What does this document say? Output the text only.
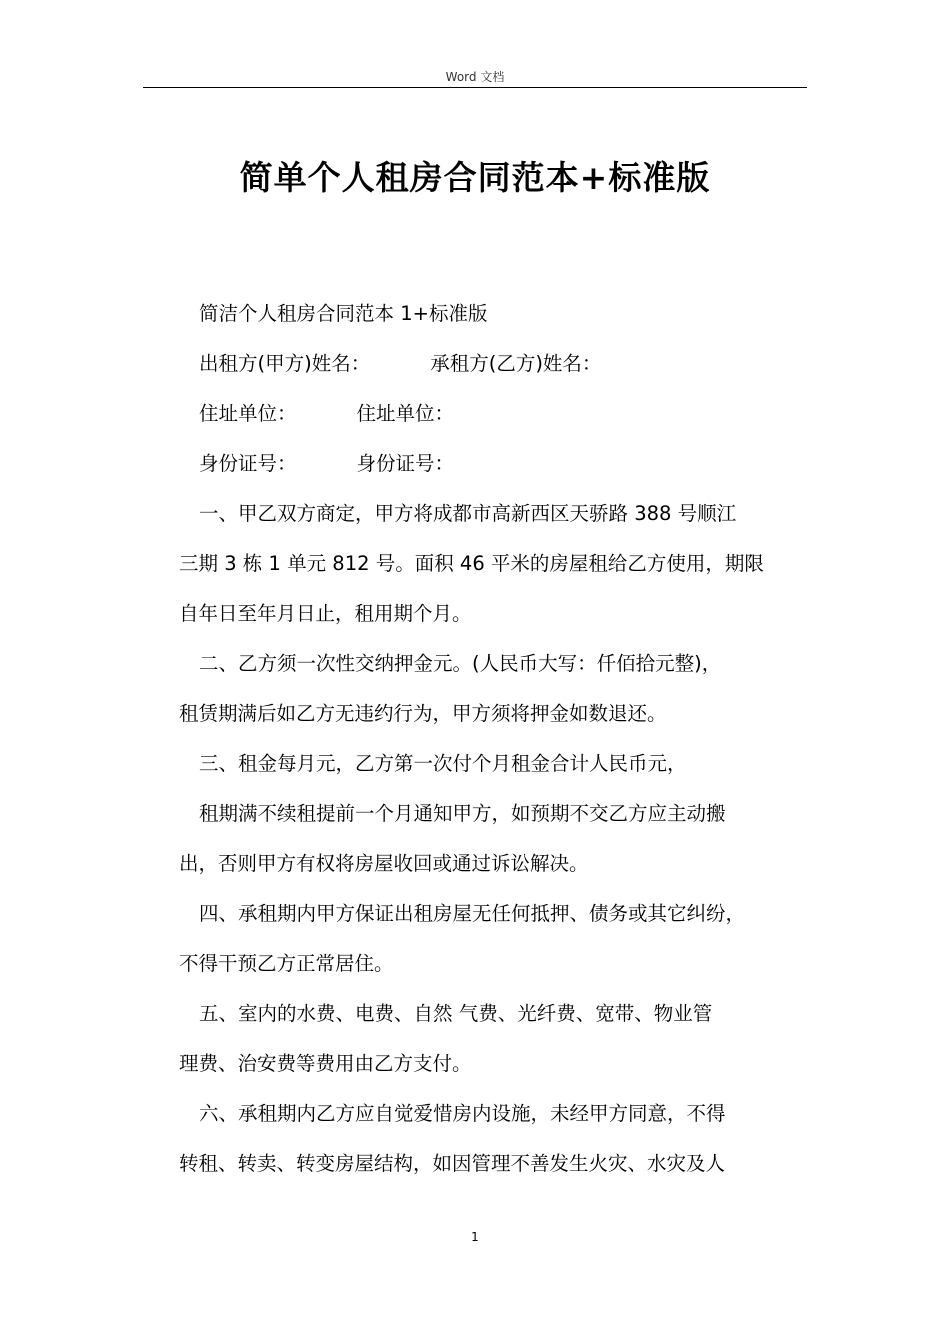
Word 文档
简单个人租房合同范本+标准版
简洁个人租房合同范本 1+标准版
出租方(甲方)姓名：	承租方(乙方)姓名：
住址单位：	住址单位：
身份证号：	身份证号：
一、甲乙双方商定，甲方将成都市高新西区天骄路 388 号顺江
三期 3 栋 1 单元 812 号。面积 46 平米的房屋租给乙方使用，期限
自年日至年月日止，租用期个月。
二、乙方须一次性交纳押金元。(人民币大写：仟佰拾元整)，
租赁期满后如乙方无违约行为，甲方须将押金如数退还。
三、租金每月元，乙方第一次付个月租金合计人民币元，
租期满不续租提前一个月通知甲方，如预期不交乙方应主动搬
出，否则甲方有权将房屋收回或通过诉讼解决。
四、承租期内甲方保证出租房屋无任何抵押、债务或其它纠纷，
不得干预乙方正常居住。
五、室内的水费、电费、自然 气费、光纤费、宽带、物业管
理费、治安费等费用由乙方支付。
六、承租期内乙方应自觉爱惜房内设施，未经甲方同意，不得
转租、转卖、转变房屋结构，如因管理不善发生火灾、水灾及人
1
